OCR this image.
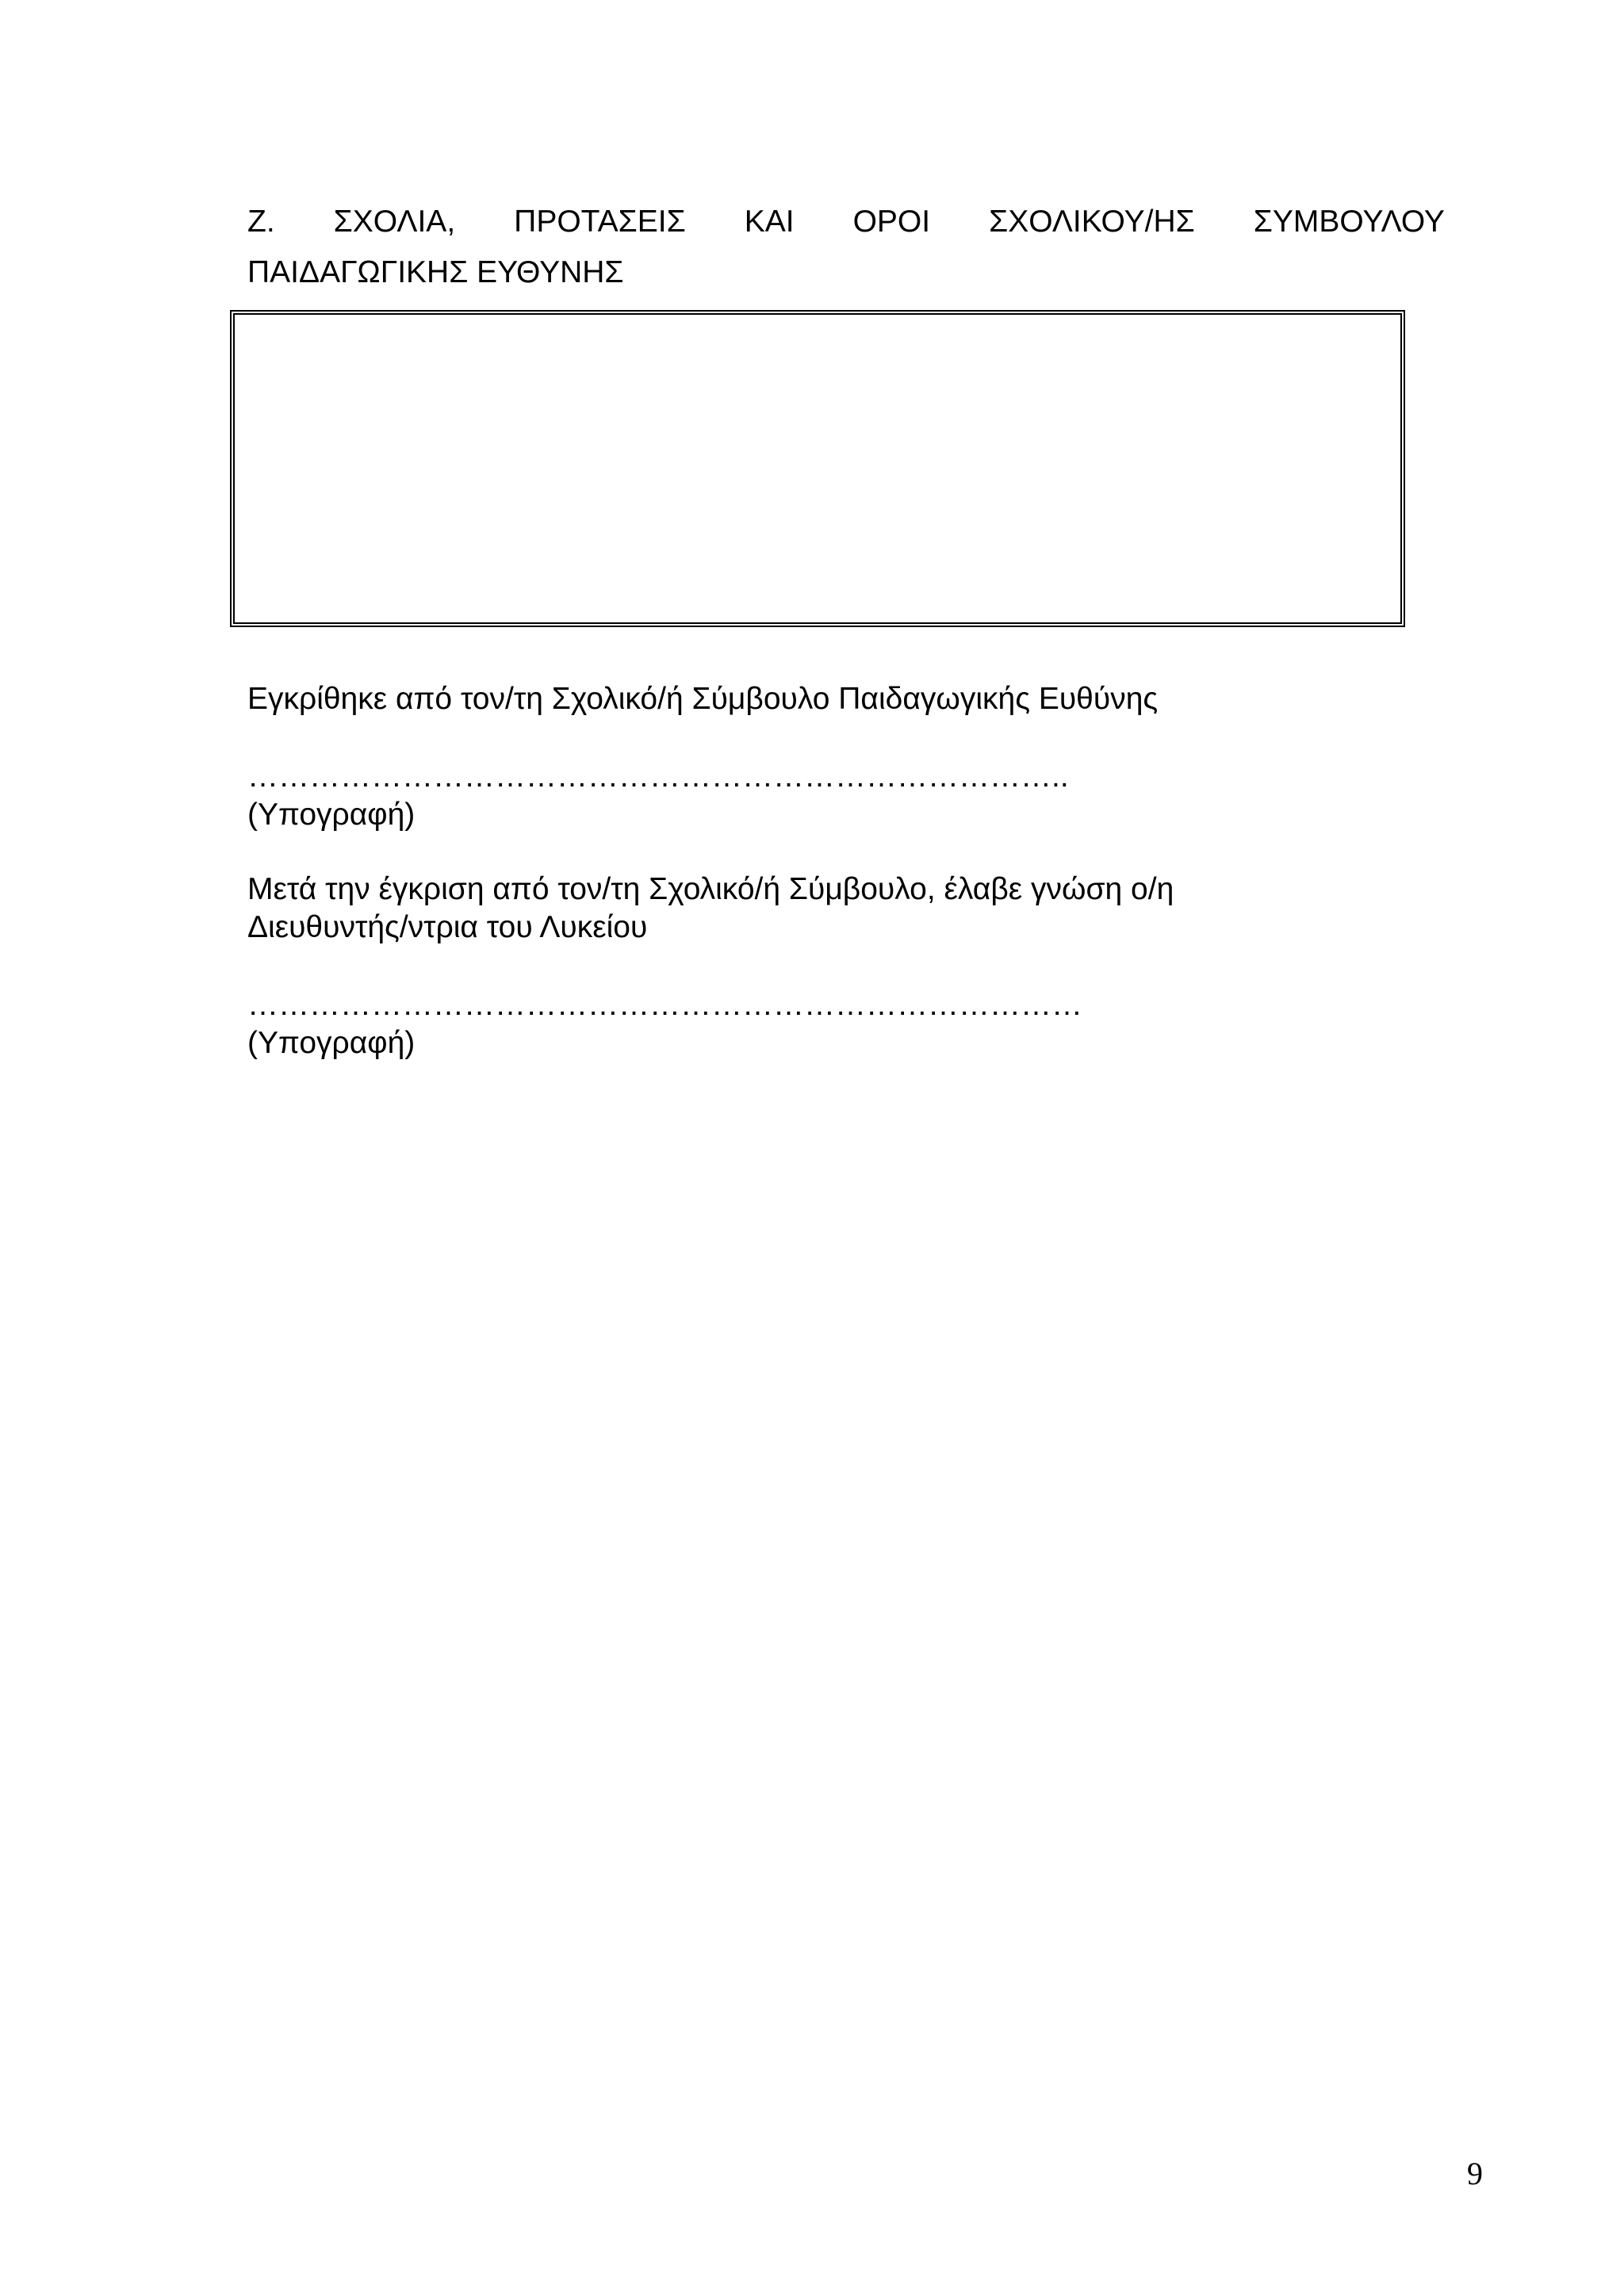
Ζ. ΣΧΟΛΙΑ, ΠΡΟΤΑΣΕΙΣ ΚΑΙ ΟΡΟΙ ΣΧΟΛΙΚΟΥ/ΗΣ ΣΥΜΒΟΥΛΟΥ
ΠΑΙΔΑΓΩΓΙΚΗΣ ΕΥΘΥΝΗΣ
Εγκρίθηκε από τον/τη Σχολικό/ή Σύμβουλο Παιδαγωγικής Ευθύνης
……………………………………………………………………..
(Υπογραφή)
Μετά την έγκριση από τον/τη Σχολικό/ή Σύμβουλο, έλαβε γνώση ο/η
Διευθυντής/ντρια του Λυκείου
………………………………………………………………………
(Υπογραφή)
9
